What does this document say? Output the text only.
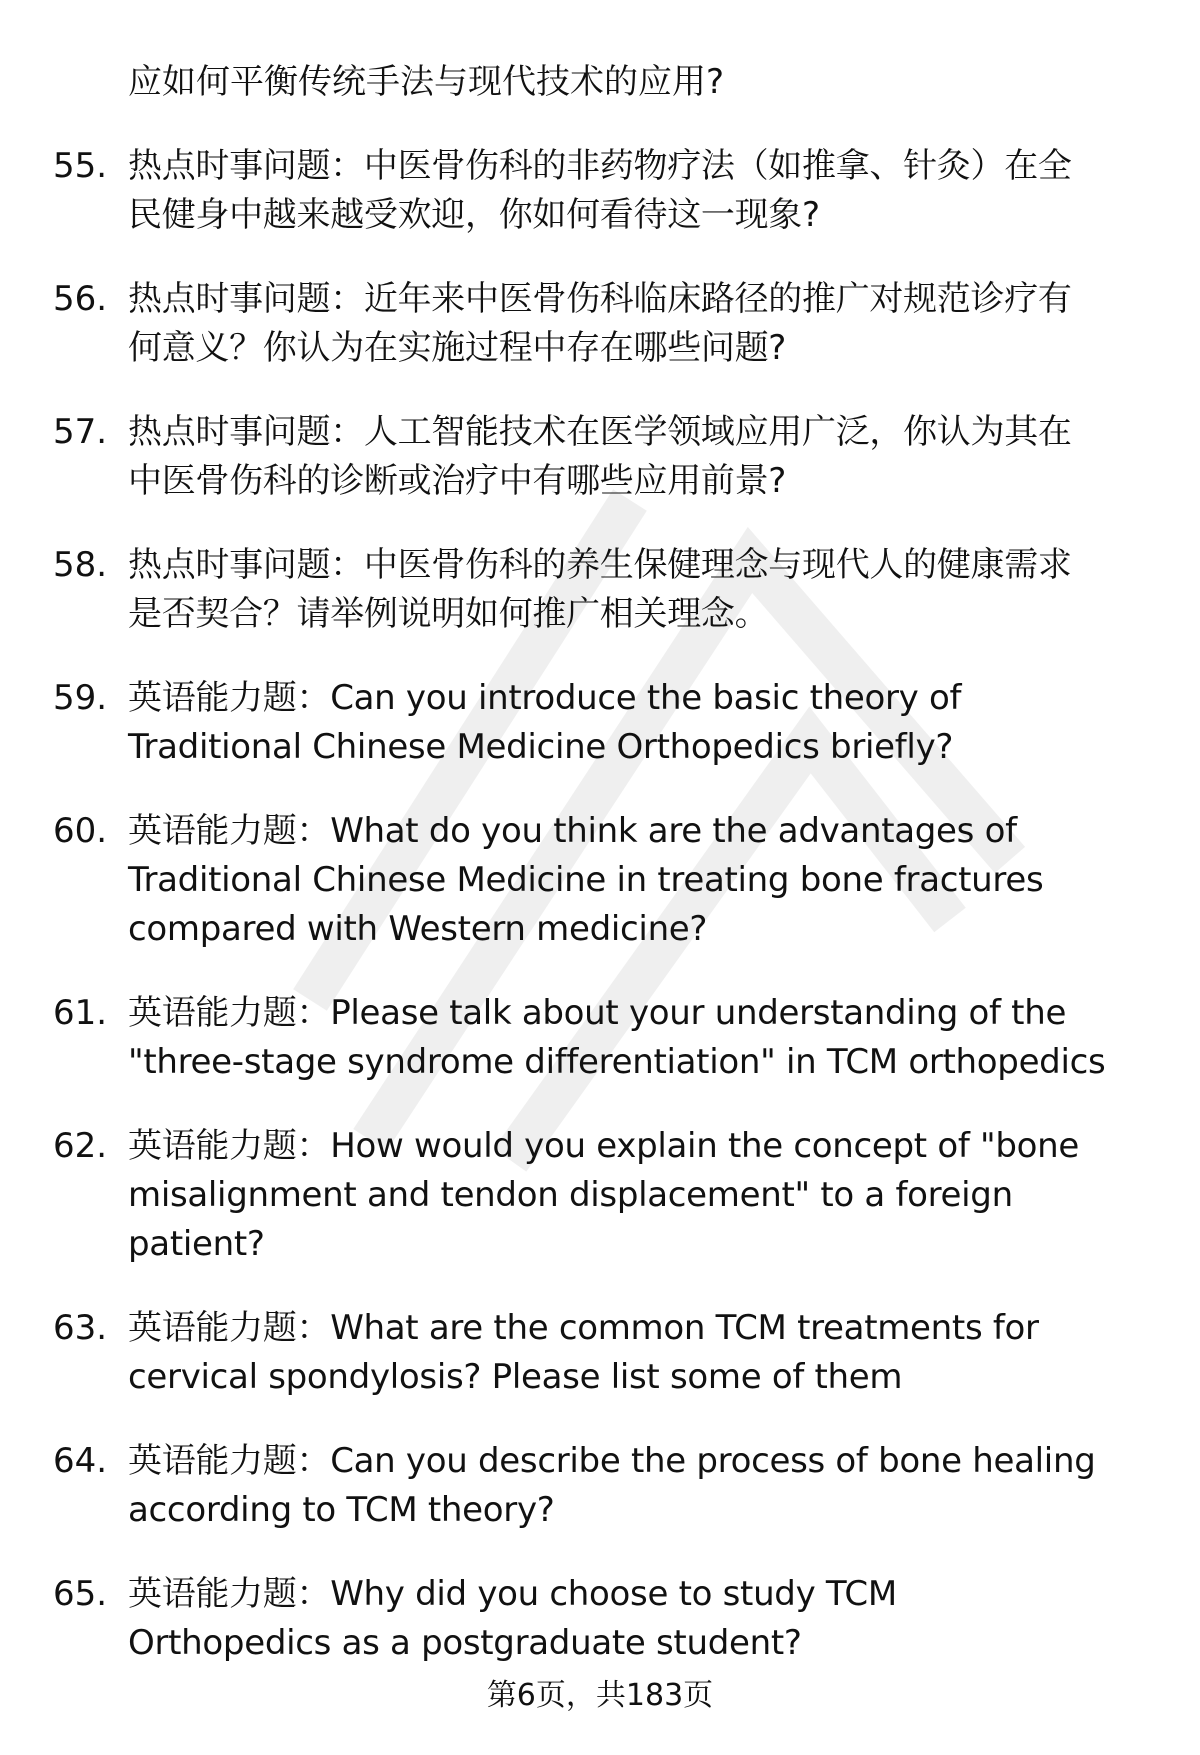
应如何平衡传统手法与现代技术的应用?
55. 热点时事问题：中医骨伤科的非药物疗法（如推拿、针灸）在全
民健身中越来越受欢迎，你如何看待这一现象?
56. 热点时事问题：近年来中医骨伤科临床路径的推广对规范诊疗有
何意义？你认为在实施过程中存在哪些问题?
57. 热点时事问题：人工智能技术在医学领域应用广泛，你认为其在
中医骨伤科的诊断或治疗中有哪些应用前景?
58. 热点时事问题：中医骨伤科的养生保健理念与现代人的健康需求
是否契合？请举例说明如何推广相关理念。
59. 英语能力题：Can you introduce the basic theory of
Traditional Chinese Medicine Orthopedics briefly?
60. 英语能力题：What do you think are the advantages of
Traditional Chinese Medicine in treating bone fractures
compared with Western medicine?
61. 英语能力题：Please talk about your understanding of the
"three-stage syndrome differentiation" in TCM orthopedics
62. 英语能力题：How would you explain the concept of "bone
misalignment and tendon displacement" to a foreign
patient?
63. 英语能力题：What are the common TCM treatments for
cervical spondylosis? Please list some of them
64. 英语能力题：Can you describe the process of bone healing
according to TCM theory?
65. 英语能力题：Why did you choose to study TCM
Orthopedics as a postgraduate student?
第6页，共183页
